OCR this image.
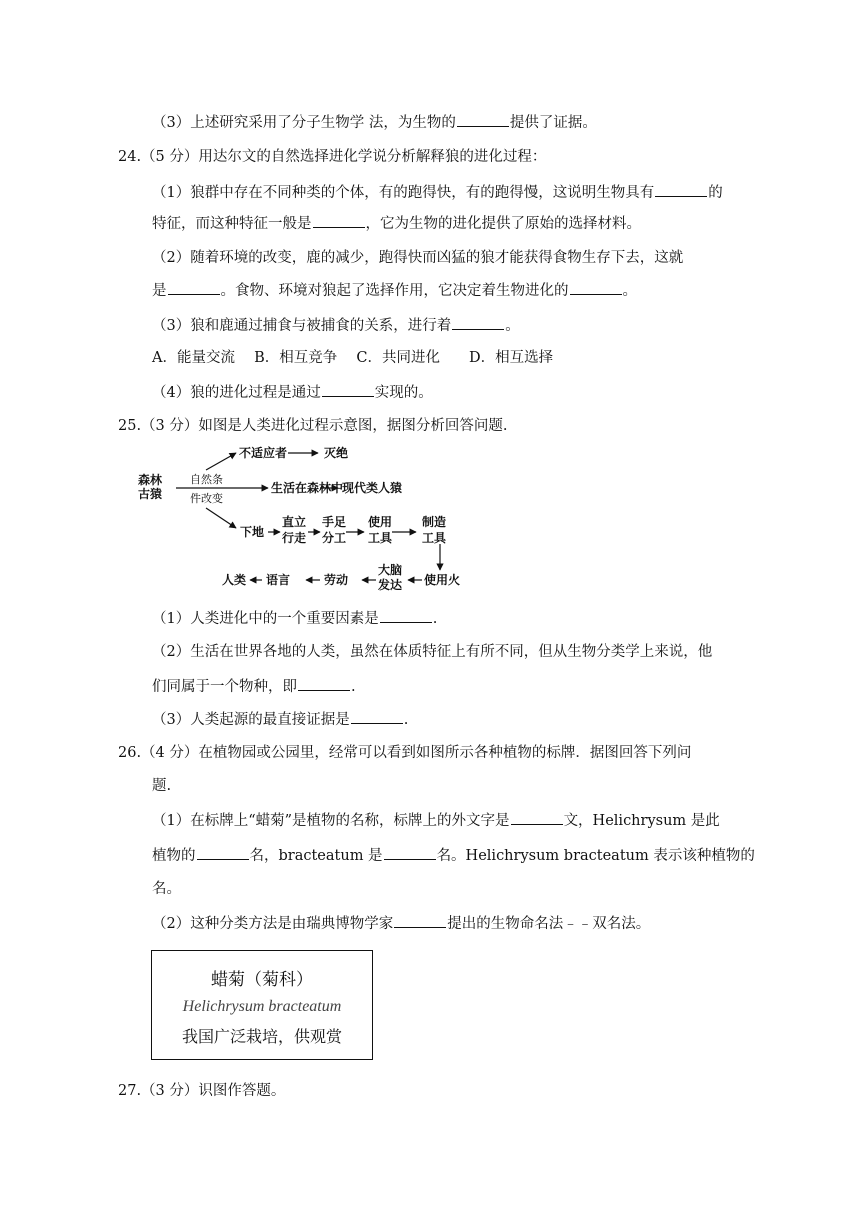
（3）上述研究采用了分子生物学 法，为生物的	提供了证据。
24.（5 分）用达尔文的自然选择进化学说分析解释狼的进化过程：
（1）狼群中存在不同种类的个体，有的跑得快，有的跑得慢，这说明生物具有	的
特征，而这种特征一般是	，它为生物的进化提供了原始的选择材料。
（2）随着环境的改变，鹿的减少，跑得快而凶猛的狼才能获得食物生存下去，这就
是	。食物、环境对狼起了选择作用，它决定着生物进化的	。
（3）狼和鹿通过捕食与被捕食的关系，进行着	。
A．能量交流　 B．相互竞争　 C．共同进化　　D．相互选择
（4）狼的进化过程是通过	实现的。
25.（3 分）如图是人类进化过程示意图，据图分析回答问题.
森林
古猿
自然条
件改变
不适应者	灭绝
生活在森林中
现代类人猿
下地
直立
行走
手足
分工
使用
工具
制造
工具
使用火
大脑
发达
劳动
语言
人类
（1）人类进化中的一个重要因素是	.
（2）生活在世界各地的人类，虽然在体质特征上有所不同，但从生物分类学上来说，他
们同属于一个物种，即	.
（3）人类起源的最直接证据是	.
26.（4 分）在植物园或公园里，经常可以看到如图所示各种植物的标牌．据图回答下列问
题.
（1）在标牌上“蜡菊”是植物的名称，标牌上的外文字是	文，Helichrysum 是此
植物的	名，bracteatum 是	名。Helichrysum bracteatum 表示该种植物的
名。
（2）这种分类方法是由瑞典博物学家	提出的生物命名法﹣﹣双名法。
蜡菊（菊科）
Helichrysum bracteatum
我国广泛栽培，供观赏
27.（3 分）识图作答题。
